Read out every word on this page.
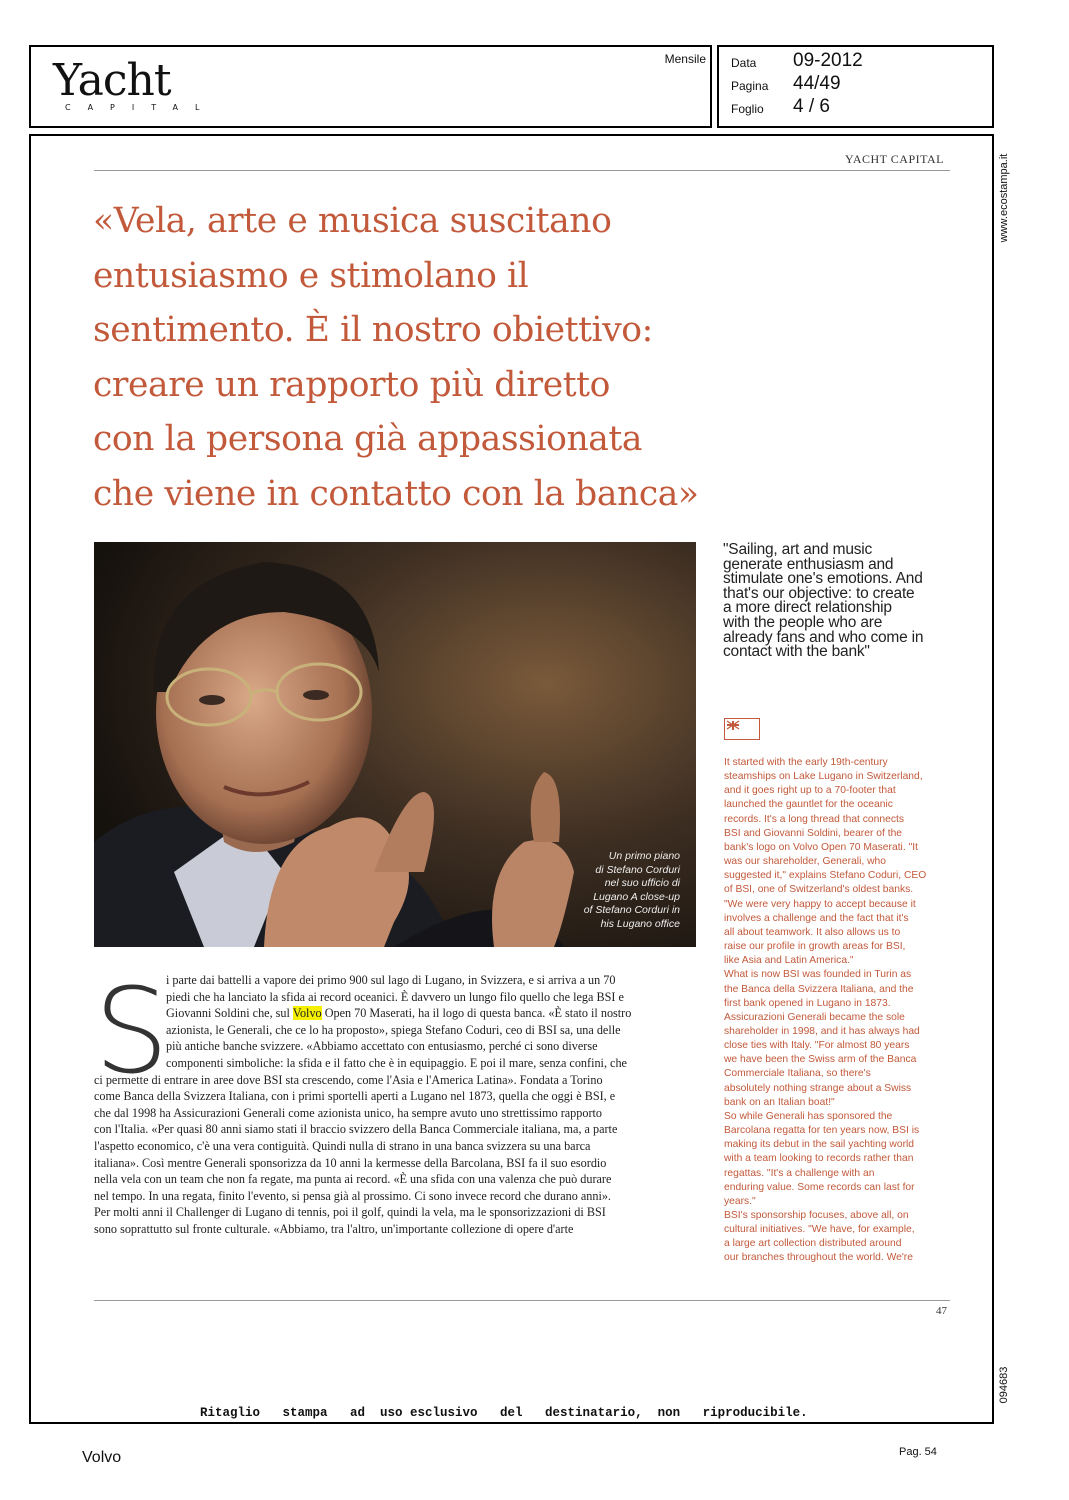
Yacht
CAPITAL
Mensile Data 09-2012
Pagina 44/49
Foglio 4 / 6
www.ecostampa.it
094683
YACHT CAPITAL
«Vela, arte e musica suscitano
entusiasmo e stimolano il
sentimento. È il nostro obiettivo:
creare un rapporto più diretto
con la persona già appassionata
che viene in contatto con la banca»
Un primo piano
di Stefano Corduri
nel suo ufficio di
Lugano A close-up
of Stefano Corduri in
his Lugano office
"Sailing, art and music
generate enthusiasm and
stimulate one's emotions. And
that's our objective: to create
a more direct relationship
with the people who are
already fans and who come in
contact with the bank"
It started with the early 19th-century
steamships on Lake Lugano in Switzerland,
and it goes right up to a 70-footer that
launched the gauntlet for the oceanic
records. It's a long thread that connects
BSI and Giovanni Soldini, bearer of the
bank's logo on Volvo Open 70 Maserati. "It
was our shareholder, Generali, who
suggested it," explains Stefano Coduri, CEO
of BSI, one of Switzerland's oldest banks.
"We were very happy to accept because it
involves a challenge and the fact that it's
all about teamwork. It also allows us to
raise our profile in growth areas for BSI,
like Asia and Latin America."
What is now BSI was founded in Turin as
the Banca della Svizzera Italiana, and the
first bank opened in Lugano in 1873.
Assicurazioni Generali became the sole
shareholder in 1998, and it has always had
close ties with Italy. "For almost 80 years
we have been the Swiss arm of the Banca
Commerciale Italiana, so there's
absolutely nothing strange about a Swiss
bank on an Italian boat!"
So while Generali has sponsored the
Barcolana regatta for ten years now, BSI is
making its debut in the sail yachting world
with a team looking to records rather than
regattas. "It's a challenge with an
enduring value. Some records can last for
years."
BSI's sponsorship focuses, above all, on
cultural initiatives. "We have, for example,
a large art collection distributed around
our branches throughout the world. We're
S
i parte dai battelli a vapore dei primo 900 sul lago di Lugano, in Svizzera, e si arriva a un 70
piedi che ha lanciato la sfida ai record oceanici. È davvero un lungo filo quello che lega BSI e
Giovanni Soldini che, sul Volvo Open 70 Maserati, ha il logo di questa banca. «È stato il nostro
azionista, le Generali, che ce lo ha proposto», spiega Stefano Coduri, ceo di BSI sa, una delle
più antiche banche svizzere. «Abbiamo accettato con entusiasmo, perché ci sono diverse
componenti simboliche: la sfida e il fatto che è in equipaggio. E poi il mare, senza confini, che
ci permette di entrare in aree dove BSI sta crescendo, come l'Asia e l'America Latina». Fondata a Torino
come Banca della Svizzera Italiana, con i primi sportelli aperti a Lugano nel 1873, quella che oggi è BSI, e
che dal 1998 ha Assicurazioni Generali come azionista unico, ha sempre avuto uno strettissimo rapporto
con l'Italia. «Per quasi 80 anni siamo stati il braccio svizzero della Banca Commerciale italiana, ma, a parte
l'aspetto economico, c'è una vera contiguità. Quindi nulla di strano in una banca svizzera su una barca
italiana». Così mentre Generali sponsorizza da 10 anni la kermesse della Barcolana, BSI fa il suo esordio
nella vela con un team che non fa regate, ma punta ai record. «È una sfida con una valenza che può durare
nel tempo. In una regata, finito l'evento, si pensa già al prossimo. Ci sono invece record che durano anni».
Per molti anni il Challenger di Lugano di tennis, poi il golf, quindi la vela, ma le sponsorizzazioni di BSI
sono soprattutto sul fronte culturale. «Abbiamo, tra l'altro, un'importante collezione di opere d'arte
47
Ritaglio   stampa   ad  uso esclusivo   del   destinatario,  non   riproducibile.
Volvo	Pag. 54
